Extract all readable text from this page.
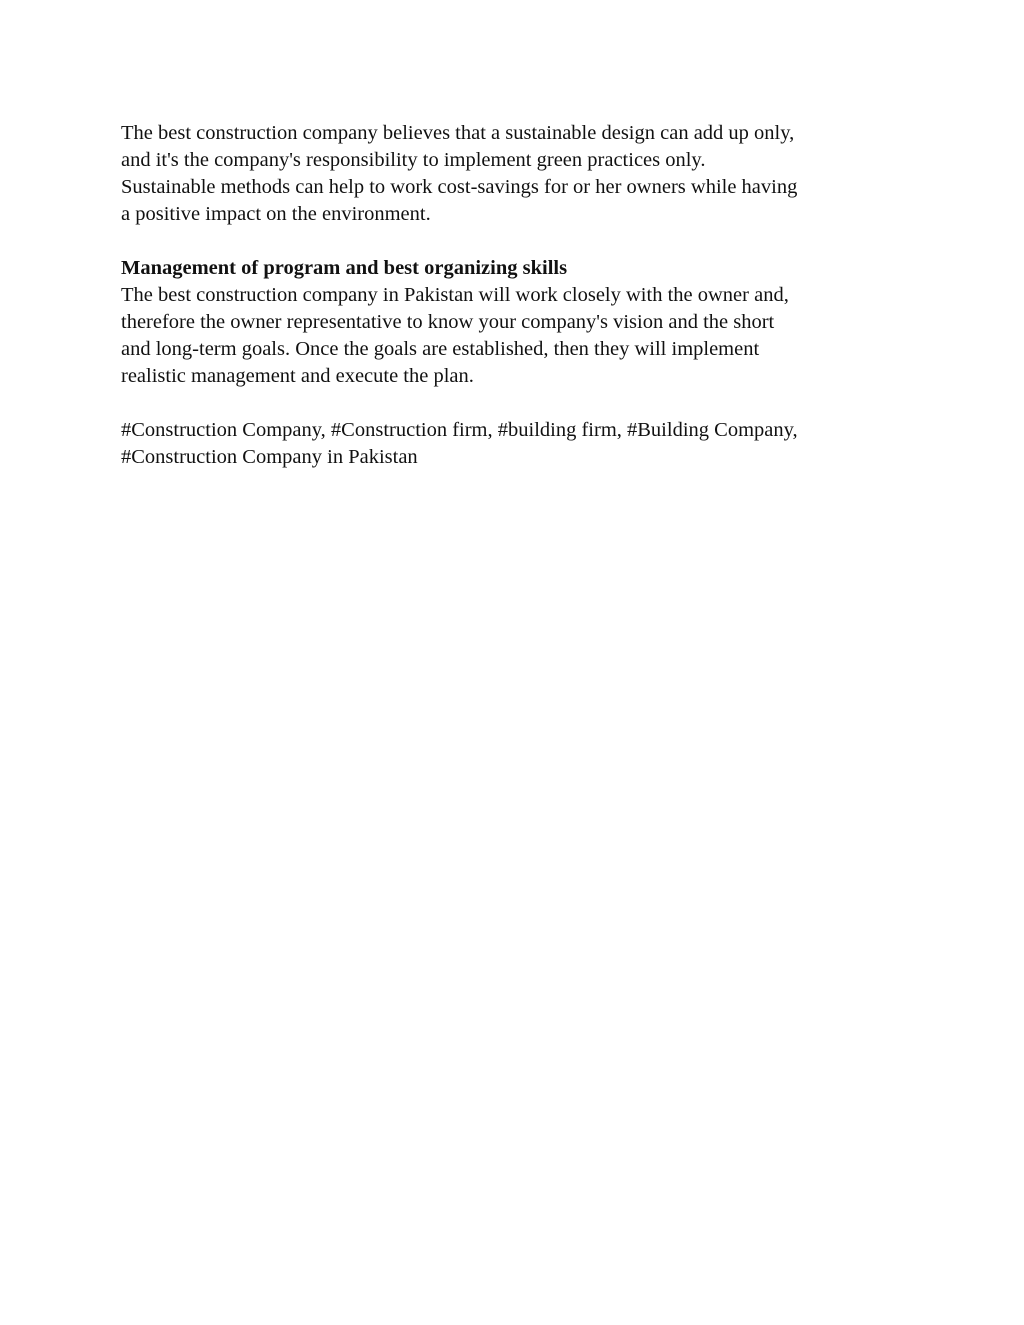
The best construction company believes that a sustainable design can add up only,
and it's the company's responsibility to implement green practices only.
Sustainable methods can help to work cost-savings for or her owners while having
a positive impact on the environment.
Management of program and best organizing skills
The best construction company in Pakistan will work closely with the owner and,
therefore the owner representative to know your company's vision and the short
and long-term goals. Once the goals are established, then they will implement
realistic management and execute the plan.
#Construction Company, #Construction firm, #building firm, #Building Company,
#Construction Company in Pakistan
